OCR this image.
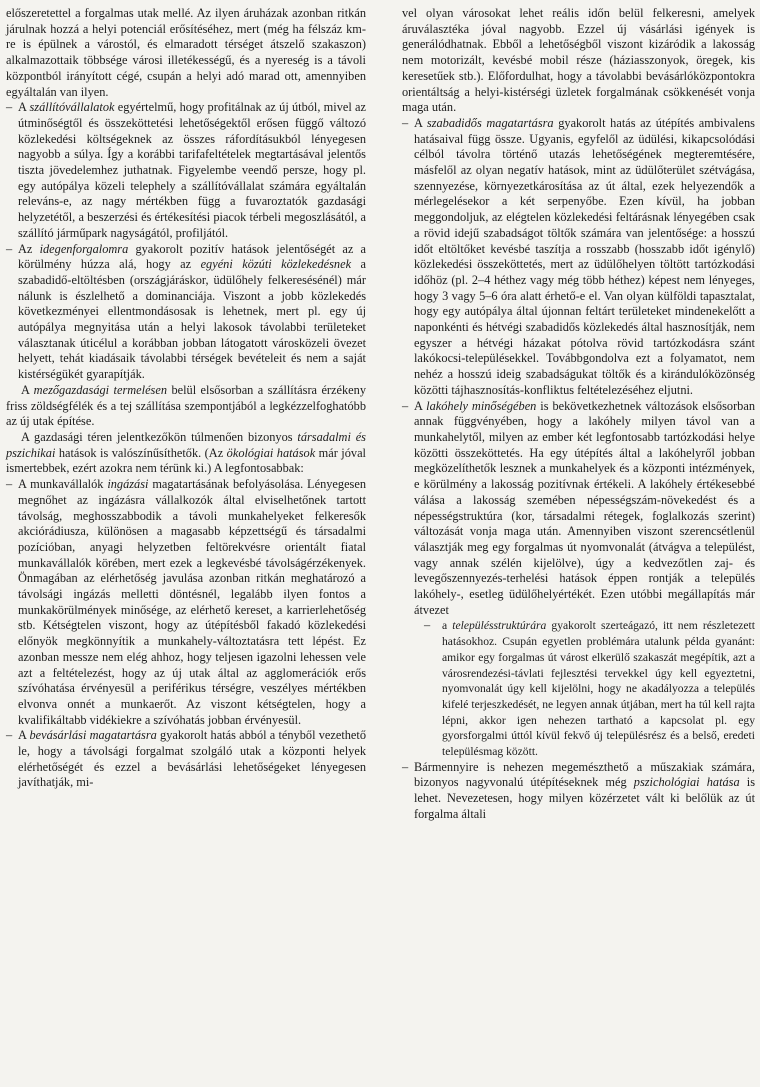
előszeretettel a forgalmas utak mellé. Az ilyen áruházak azonban ritkán járulnak hozzá a helyi potenciál erősítéséhez, mert (még ha félszáz km-re is épülnek a várostól, és elmaradott térséget átszelő szakaszon) alkalmazottaik többsége városi illetékességű, és a nyereség is a távoli központból irányított cégé, csupán a helyi adó marad ott, amennyiben egyáltalán van ilyen.

– A szállítóvállalatok egyértelmű, hogy profitálnak az új útból, mivel az útminőségtől és összeköttetési lehetőségektől erősen függő változó közlekedési költségeknek az összes ráfordításukból lényegesen nagyobb a súlya. Így a korábbi tarifafeltételek megtartásával jelentős tiszta jövedelemhez juthatnak. Figyelembe veendő persze, hogy pl. egy autópálya közeli telephely a szállítóvállalat számára egyáltalán releváns-e, az nagy mértékben függ a fuvaroztatók gazdasági helyzetétől, a beszerzési és értékesítési piacok térbeli megoszlásától, a szállító járműpark nagyságától, profiljától.

– Az idegenforgalomra gyakorolt pozitív hatások jelentőségét az a körülmény húzza alá, hogy az egyéni közúti közlekedésnek a szabadidő-eltöltésben (országjáráskor, üdülőhely felkeresésénél) már nálunk is észlelhető a dominanciája. Viszont a jobb közlekedés következményei ellentmondásosak is lehetnek, mert pl. egy új autópálya megnyitása után a helyi lakosok távolabbi területeket választanak úticélul a korábban jobban látogatott városközeli övezet helyett, tehát kiadásaik távolabbi térségek bevételeit és nem a saját kistérségükét gyarapítják.

A mezőgazdasági termelésen belül elsősorban a szállításra érzékeny friss zöldségfélék és a tej szállítása szempontjából a legkézzelfoghatóbb az új utak építése.

A gazdasági téren jelentkezőkön túlmenően bizonyos társadalmi és pszichikai hatások is valószínűsíthetők. (Az ökológiai hatások már jóval ismertebbek, ezért azokra nem térünk ki.) A legfontosabbak:

– A munkavállalók ingázási magatartásának befolyásolása. Lényegesen megnőhet az ingázásra vállalkozók által elviselhetőnek tartott távolság, meghosszabbodik a távoli munkahelyeket felkeresők akciórádiusza, különösen a magasabb képzettségű és társadalmi pozícióban, anyagi helyzetben feltörekvésre orientált fiatal munkavállalók körében, mert ezek a legkevésbé távolságérzékenyek. Önmagában az elérhetőség javulása azonban ritkán meghatározó a távolsági ingázás melletti döntésnél, legalább ilyen fontos a munkakörülmények minősége, az elérhető kereset, a karrierlehetőség stb. Kétségtelen viszont, hogy az útépítésből fakadó közlekedési előnyök megkönnyítik a munkahely-változtatásra tett lépést. Ez azonban messze nem elég ahhoz, hogy teljesen igazolni lehessen vele azt a feltételezést, hogy az új utak által az agglomerációk erős szívóhatása érvényesül a periférikus térségre, veszélyes mértékben elvonva onnét a munkaerőt. Az viszont kétségtelen, hogy a kvalifikáltabb vidékiekre a szívóhatás jobban érvényesül.

– A bevásárlási magatartásra gyakorolt hatás abból a tényből vezethető le, hogy a távolsági forgalmat szolgáló utak a központi helyek elérhetőségét és ezzel a bevásárlási lehetőségeket lényegesen javíthatják, mi-

vel olyan városokat lehet reális időn belül felkeresni, amelyek áruválasztéka jóval nagyobb. Ezzel új vásárlási igények is generálódhatnak. Ebből a lehetőségből viszont kizáródik a lakosság nem motorizált, kevésbé mobil része (háziasszonyok, öregek, kis keresetűek stb.). Előfordulhat, hogy a távolabbi bevásárlóközpontokra orientáltság a helyi-kistérségi üzletek forgalmának csökkenését vonja maga után.

– A szabadidős magatartásra gyakorolt hatás az útépítés ambivalens hatásaival függ össze. Ugyanis, egyfelől az üdülési, kikapcsolódási célból távolra történő utazás lehetőségének megteremtésére, másfelől az olyan negatív hatások, mint az üdülőterület szétvágása, szennyezése, környezetkárosítása az út által, ezek helyezendők a mérlegelésekor a két serpenyőbe. Ezen kívül, ha jobban meggondoljuk, az elégtelen közlekedési feltárásnak lényegében csak a rövid idejű szabadságot töltők számára van jelentősége: a hosszú időt eltöltőket kevésbé taszítja a rosszabb (hosszabb időt igénylő) közlekedési összeköttetés, mert az üdülőhelyen töltött tartózkodási időhöz (pl. 2–4 héthez vagy még több héthez) képest nem lényeges, hogy 3 vagy 5–6 óra alatt érhető-e el. Van olyan külföldi tapasztalat, hogy egy autópálya által újonnan feltárt területeket mindenekelőtt a naponkénti és hétvégi szabadidős közlekedés által hasznosítják, nem egyszer a hétvégi házakat pótolva rövid tartózkodásra szánt lakókocsi-településekkel. Továbbgondolva ezt a folyamatot, nem nehéz a hosszú ideig szabadságukat töltők és a kirándulóközönség közötti tájhasznosítás-konfliktus feltételezéséhez eljutni.

– A lakóhely minőségében is bekövetkezhetnek változások elsősorban annak függvényében, hogy a lakóhely milyen távol van a munkahelytől, milyen az ember két legfontosabb tartózkodási helye közötti összeköttetés. Ha egy útépítés által a lakóhelyről jobban megközelíthetők lesznek a munkahelyek és a központi intézmények, e körülmény a lakosság pozitívnak értékeli. A lakóhely értékesebbé válása a lakosság szemében népességszám-növekedést és a népességstruktúra (kor, társadalmi rétegek, foglalkozás szerint) változását vonja maga után. Amennyiben viszont szerencsétlenül választják meg egy forgalmas út nyomvonalát (átvágva a települést, vagy annak szélén kijelölve), úgy a kedvezőtlen zaj- és levegőszennyezés-terhelési hatások éppen rontják a település lakóhely-, esetleg üdülőhelyértékét. Ezen utóbbi megállapítás már átvezet

– a településstruktúrára gyakorolt szerteágazó, itt nem részletezett hatásokhoz. Csupán egyetlen problémára utalunk példa gyanánt: amikor egy forgalmas út várost elkerülő szakaszát megépítik, azt a városrendezési-távlati fejlesztési tervekkel úgy kell egyeztetni, nyomvonalát úgy kell kijelölni, hogy ne akadályozza a település kifelé terjeszkedését, ne legyen annak útjában, mert ha túl kell rajta lépni, akkor igen nehezen tartható a kapcsolat pl. egy gyorsforgalmi úttól kívül fekvő új településrész és a belső, eredeti településmag között.

– Bármennyire is nehezen megemészthető a műszakiak számára, bizonyos nagyvonalú útépítéseknek még pszichológiai hatása is lehet. Nevezetesen, hogy milyen közérzetet vált ki belőlük az út forgalma általi
